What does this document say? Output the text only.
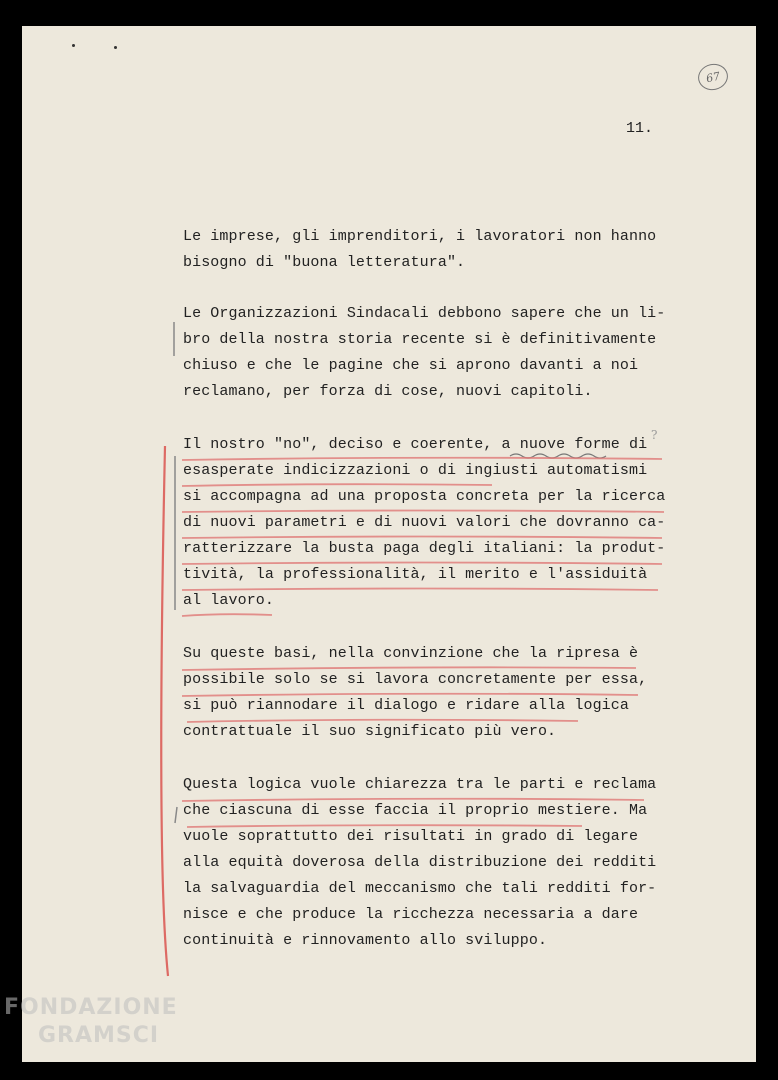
67
11.

Le imprese, gli imprenditori, i lavoratori non hanno
bisogno di "buona letteratura".

Le Organizzazioni Sindacali debbono sapere che un li-
bro della nostra storia recente si è definitivamente
chiuso e che le pagine che si aprono davanti a noi
reclamano, per forza di cose, nuovi capitoli.

Il nostro "no", deciso e coerente, a nuove forme di
esasperate indicizzazioni o di ingiusti automatismi
si accompagna ad una proposta concreta per la ricerca
di nuovi parametri e di nuovi valori che dovranno ca-
ratterizzare la busta paga degli italiani: la produt-
tività, la professionalità, il merito e l'assiduità
al lavoro.

Su queste basi, nella convinzione che la ripresa è
possibile solo se si lavora concretamente per essa,
si può riannodare il dialogo e ridare alla logica
contrattuale il suo significato più vero.

Questa logica vuole chiarezza tra le parti e reclama
che ciascuna di esse faccia il proprio mestiere. Ma
vuole soprattutto dei risultati in grado di legare
alla equità doverosa della distribuzione dei redditi
la salvaguardia del meccanismo che tali redditi for-
nisce e che produce la ricchezza necessaria a dare
continuità e rinnovamento allo sviluppo.

?
FONDAZIONE
GRAMSCI
